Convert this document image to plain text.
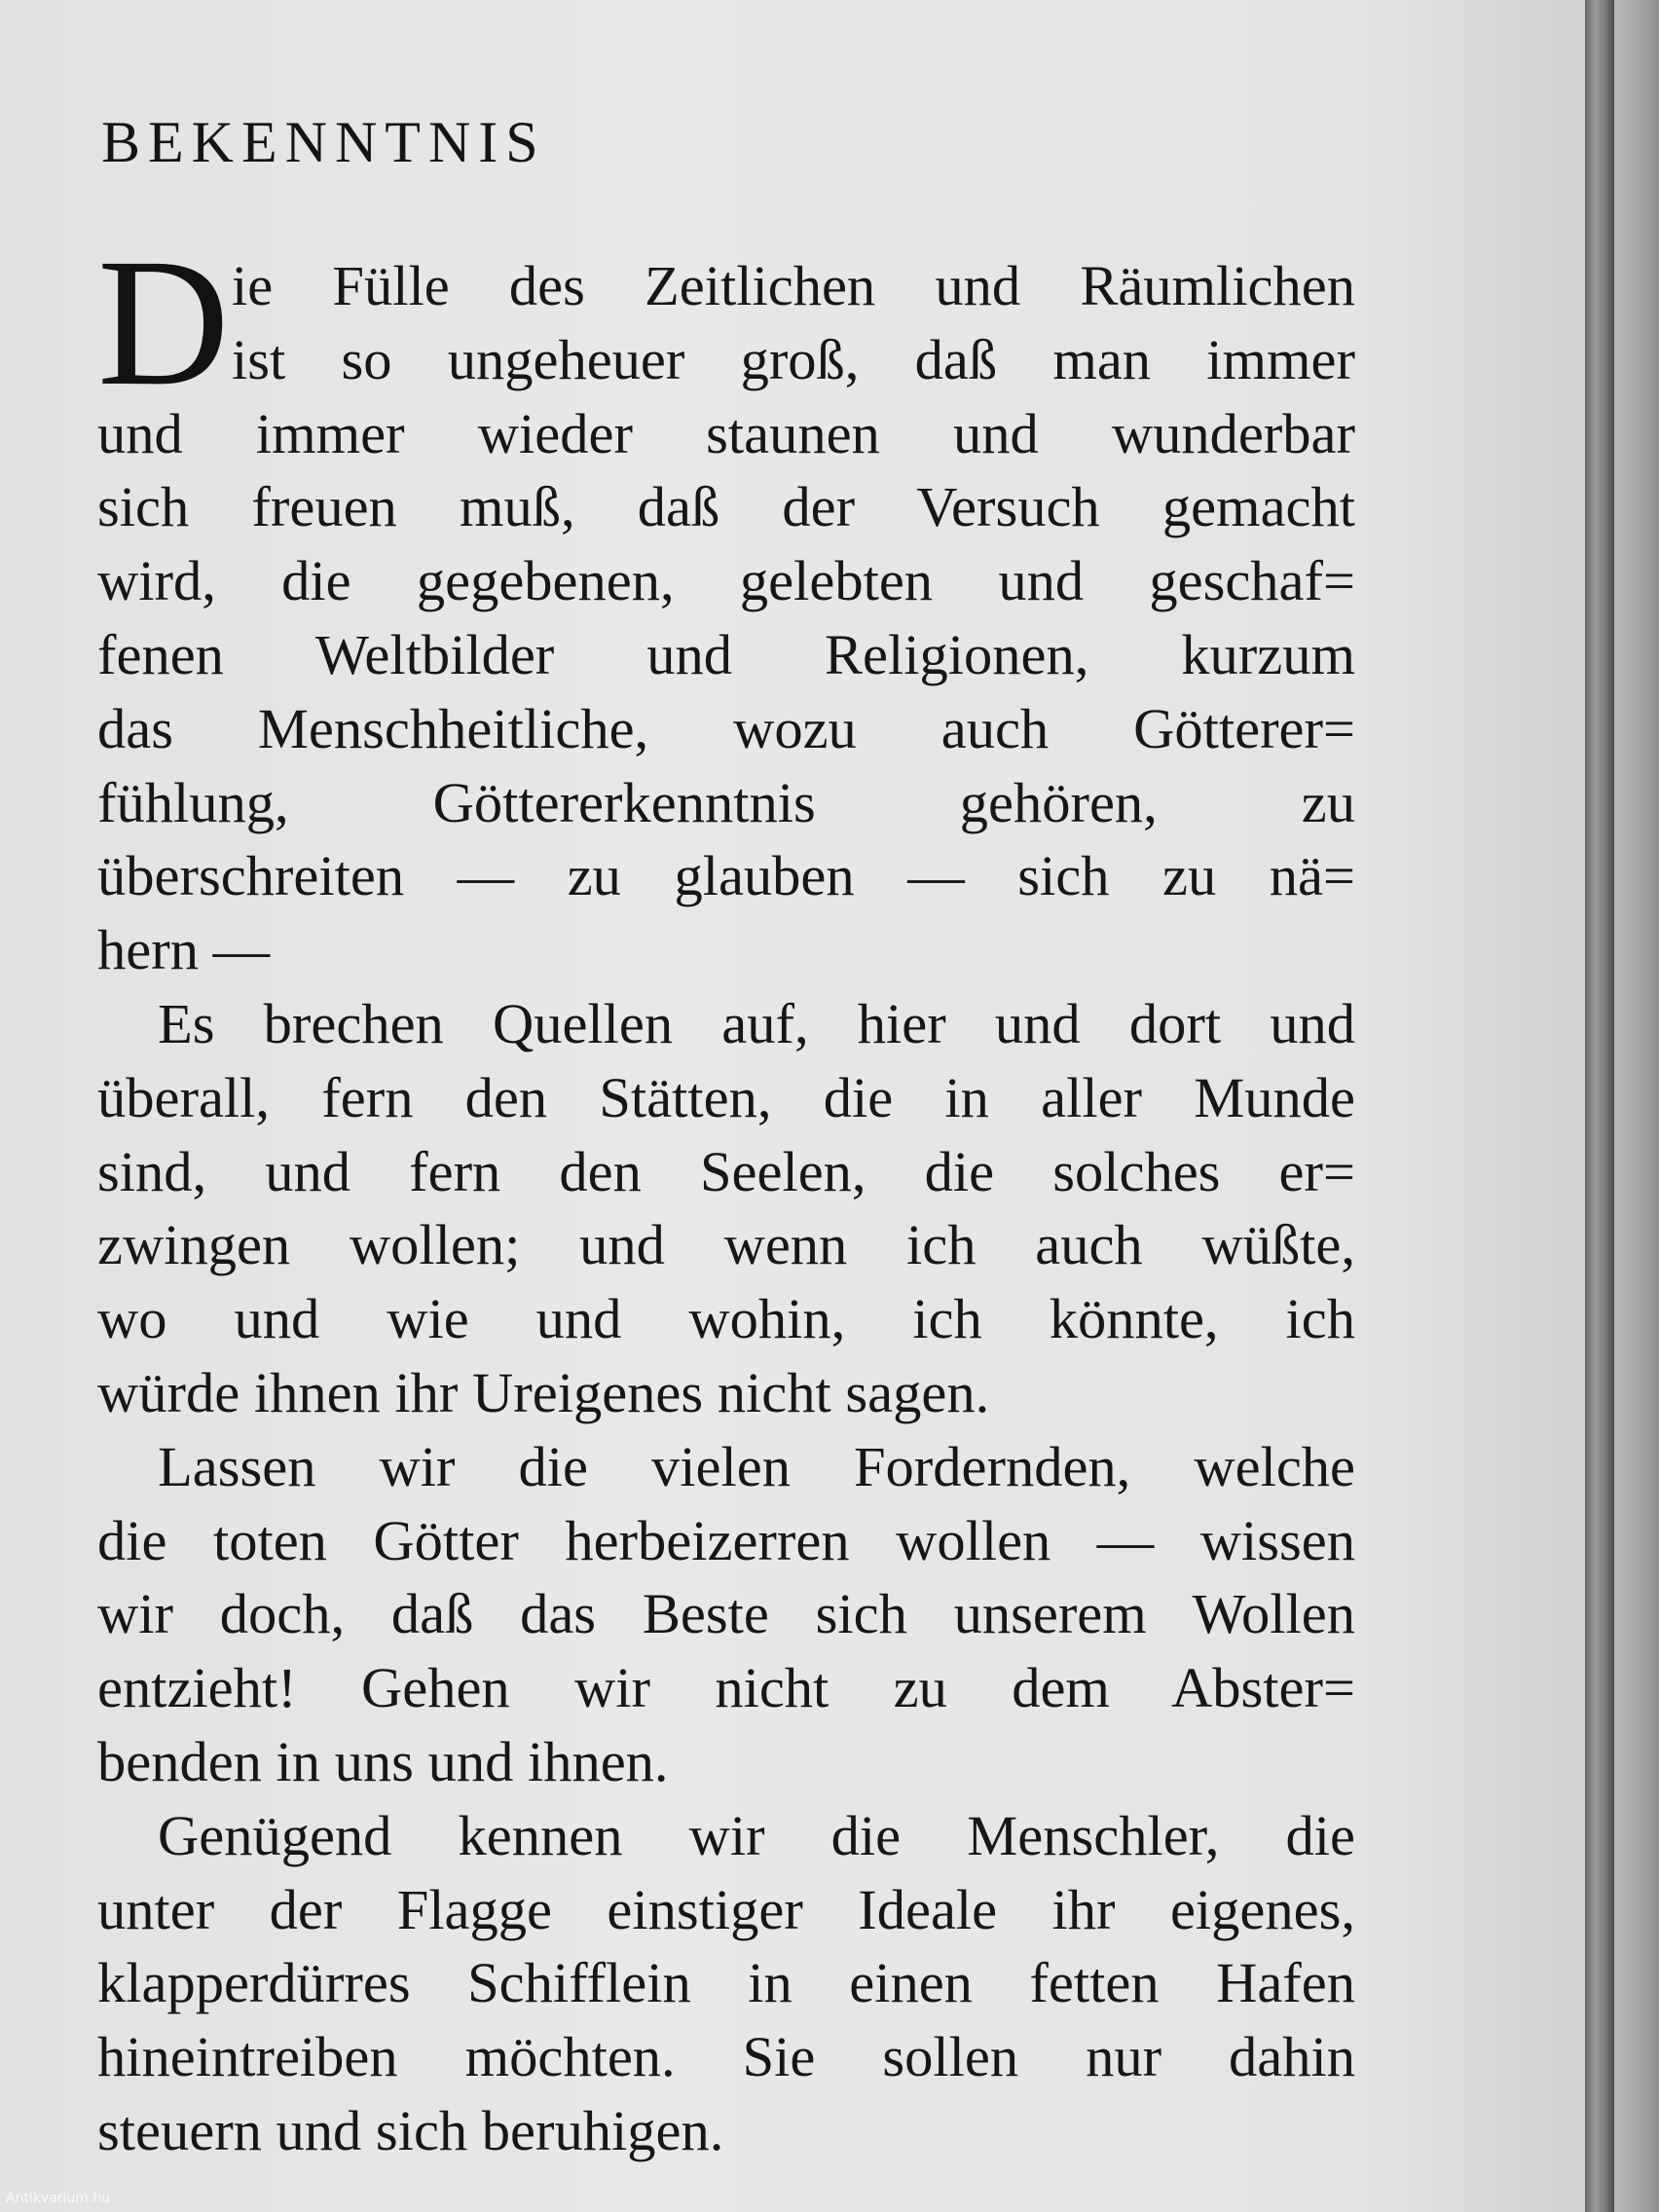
BEKENNTNIS
D ie Fülle des Zeitlichen und Räumlichen
ist so ungeheuer groß, daß man immer
und immer wieder staunen und wunderbar
sich freuen muß, daß der Versuch gemacht
wird, die gegebenen, gelebten und geschaf=
fenen Weltbilder und Religionen, kurzum
das Menschheitliche, wozu auch Götterer=
fühlung, Göttererkenntnis gehören, zu
überschreiten — zu glauben — sich zu nä=
hern —
Es brechen Quellen auf, hier und dort und
überall, fern den Stätten, die in aller Munde
sind, und fern den Seelen, die solches er=
zwingen wollen; und wenn ich auch wüßte,
wo und wie und wohin, ich könnte, ich
würde ihnen ihr Ureigenes nicht sagen.
Lassen wir die vielen Fordernden, welche
die toten Götter herbeizerren wollen — wissen
wir doch, daß das Beste sich unserem Wollen
entzieht! Gehen wir nicht zu dem Abster=
benden in uns und ihnen.
Genügend kennen wir die Menschler, die
unter der Flagge einstiger Ideale ihr eigenes,
klapperdürres Schifflein in einen fetten Hafen
hineintreiben möchten. Sie sollen nur dahin
steuern und sich beruhigen.
Antikvarium.hu
